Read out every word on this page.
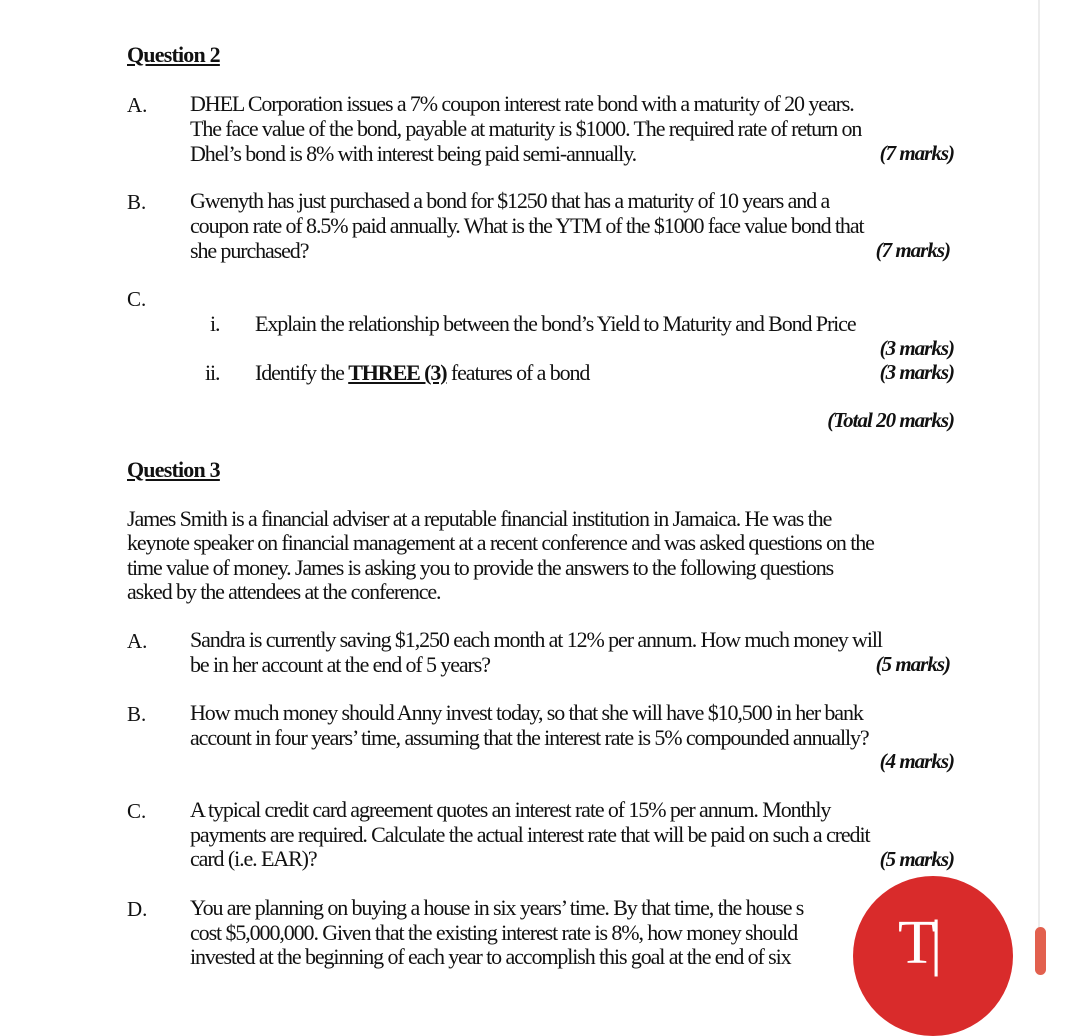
Question 2
A. DHEL Corporation issues a 7% coupon interest rate bond with a maturity of 20 years.
The face value of the bond, payable at maturity is $1000. The required rate of return on
Dhel’s bond is 8% with interest being paid semi-annually.	(7 marks)
B. Gwenyth has just purchased a bond for $1250 that has a maturity of 10 years and a
coupon rate of 8.5% paid annually. What is the YTM of the $1000 face value bond that
she purchased?	(7 marks)
C.
i. Explain the relationship between the bond’s Yield to Maturity and Bond Price
(3 marks)
ii. Identify the THREE (3) features of a bond	(3 marks)
(Total 20 marks)
Question 3
James Smith is a financial adviser at a reputable financial institution in Jamaica. He was the
keynote speaker on financial management at a recent conference and was asked questions on the
time value of money. James is asking you to provide the answers to the following questions
asked by the attendees at the conference.
A. Sandra is currently saving $1,250 each month at 12% per annum. How much money will
be in her account at the end of 5 years?	(5 marks)
B. How much money should Anny invest today, so that she will have $10,500 in her bank
account in four years’ time, assuming that the interest rate is 5% compounded annually?
(4 marks)
C. A typical credit card agreement quotes an interest rate of 15% per annum. Monthly
payments are required. Calculate the actual interest rate that will be paid on such a credit
card (i.e. EAR)?	(5 marks)
D. You are planning on buying a house in six years’ time. By that time, the house s
cost $5,000,000. Given that the existing interest rate is 8%, how money should
invested at the beginning of each year to accomplish this goal at the end of six T|
